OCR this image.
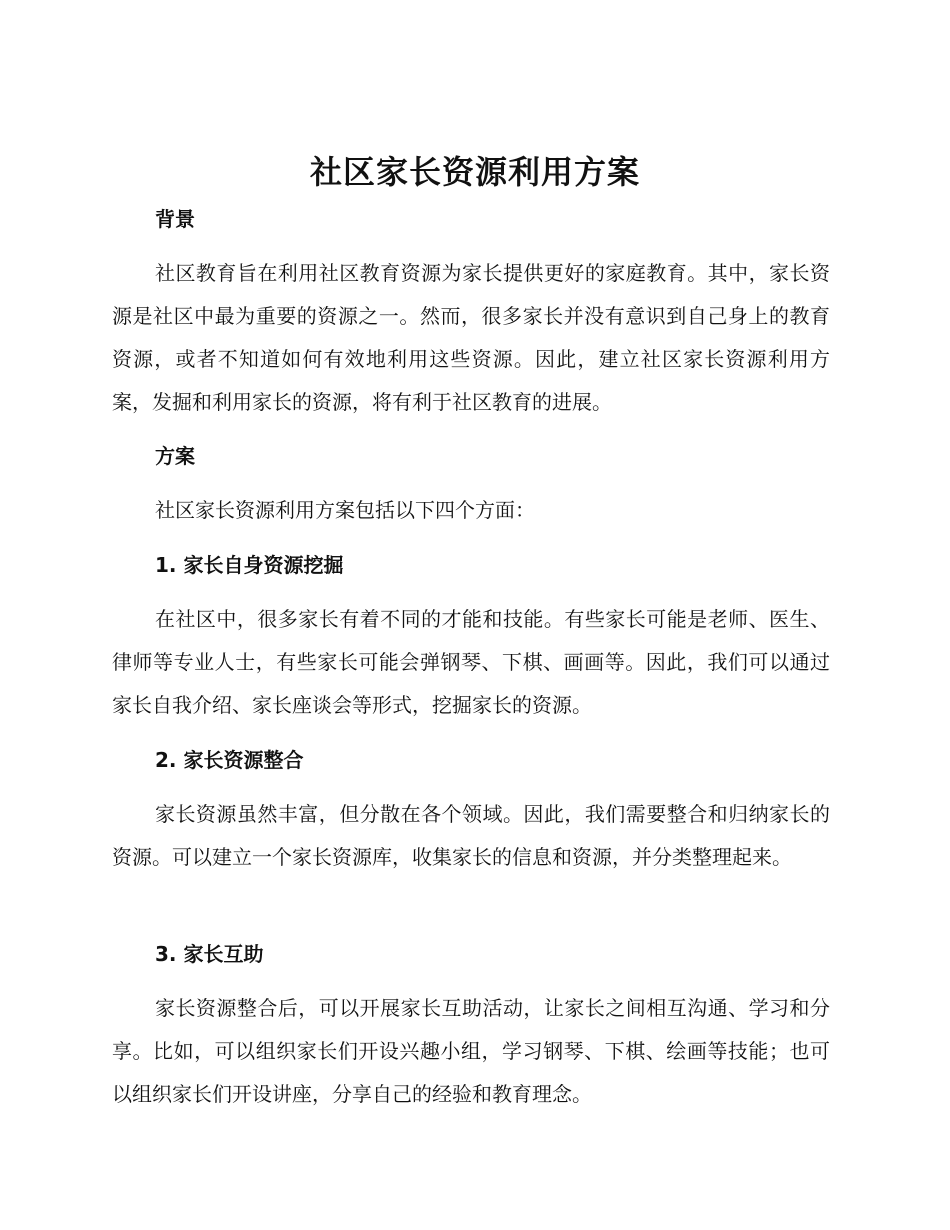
社区家长资源利用方案
背景
社区教育旨在利用社区教育资源为家长提供更好的家庭教育。其中，家长资源是社区中最为重要的资源之一。然而，很多家长并没有意识到自己身上的教育资源，或者不知道如何有效地利用这些资源。因此，建立社区家长资源利用方案，发掘和利用家长的资源，将有利于社区教育的进展。
方案
社区家长资源利用方案包括以下四个方面：
1. 家长自身资源挖掘
在社区中，很多家长有着不同的才能和技能。有些家长可能是老师、医生、律师等专业人士，有些家长可能会弹钢琴、下棋、画画等。因此，我们可以通过家长自我介绍、家长座谈会等形式，挖掘家长的资源。
2. 家长资源整合
家长资源虽然丰富，但分散在各个领域。因此，我们需要整合和归纳家长的资源。可以建立一个家长资源库，收集家长的信息和资源，并分类整理起来。
3. 家长互助
家长资源整合后，可以开展家长互助活动，让家长之间相互沟通、学习和分享。比如，可以组织家长们开设兴趣小组，学习钢琴、下棋、绘画等技能；也可以组织家长们开设讲座，分享自己的经验和教育理念。
